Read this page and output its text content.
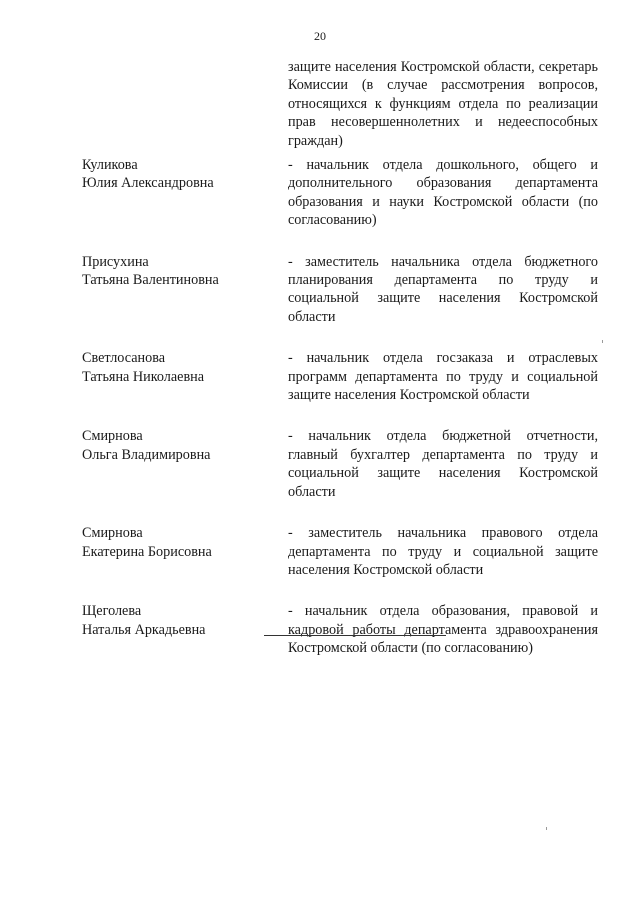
20
защите населения Костромской области, секретарь Комиссии (в случае рассмотрения вопросов, относящихся к функциям отдела по реализации прав несовершеннолетних и недееспособных граждан)
Куликова
Юлия Александровна
- начальник отдела дошкольного, общего и дополнительного образования департамента образования и науки Костромской области (по согласованию)
Присухина
Татьяна Валентиновна
- заместитель начальника отдела бюджетного планирования департамента по труду и социальной защите населения Костромской области
Светлосанова
Татьяна Николаевна
- начальник отдела госзаказа и отраслевых программ департамента по труду и социальной защите населения Костромской области
Смирнова
Ольга Владимировна
- начальник отдела бюджетной отчетности, главный бухгалтер департамента по труду и социальной защите населения Костромской области
Смирнова
Екатерина Борисовна
- заместитель начальника правового отдела департамента по труду и социальной защите населения Костромской области
Щеголева
Наталья Аркадьевна
- начальник отдела образования, правовой и кадровой работы департамента здравоохранения Костромской области (по согласованию)
